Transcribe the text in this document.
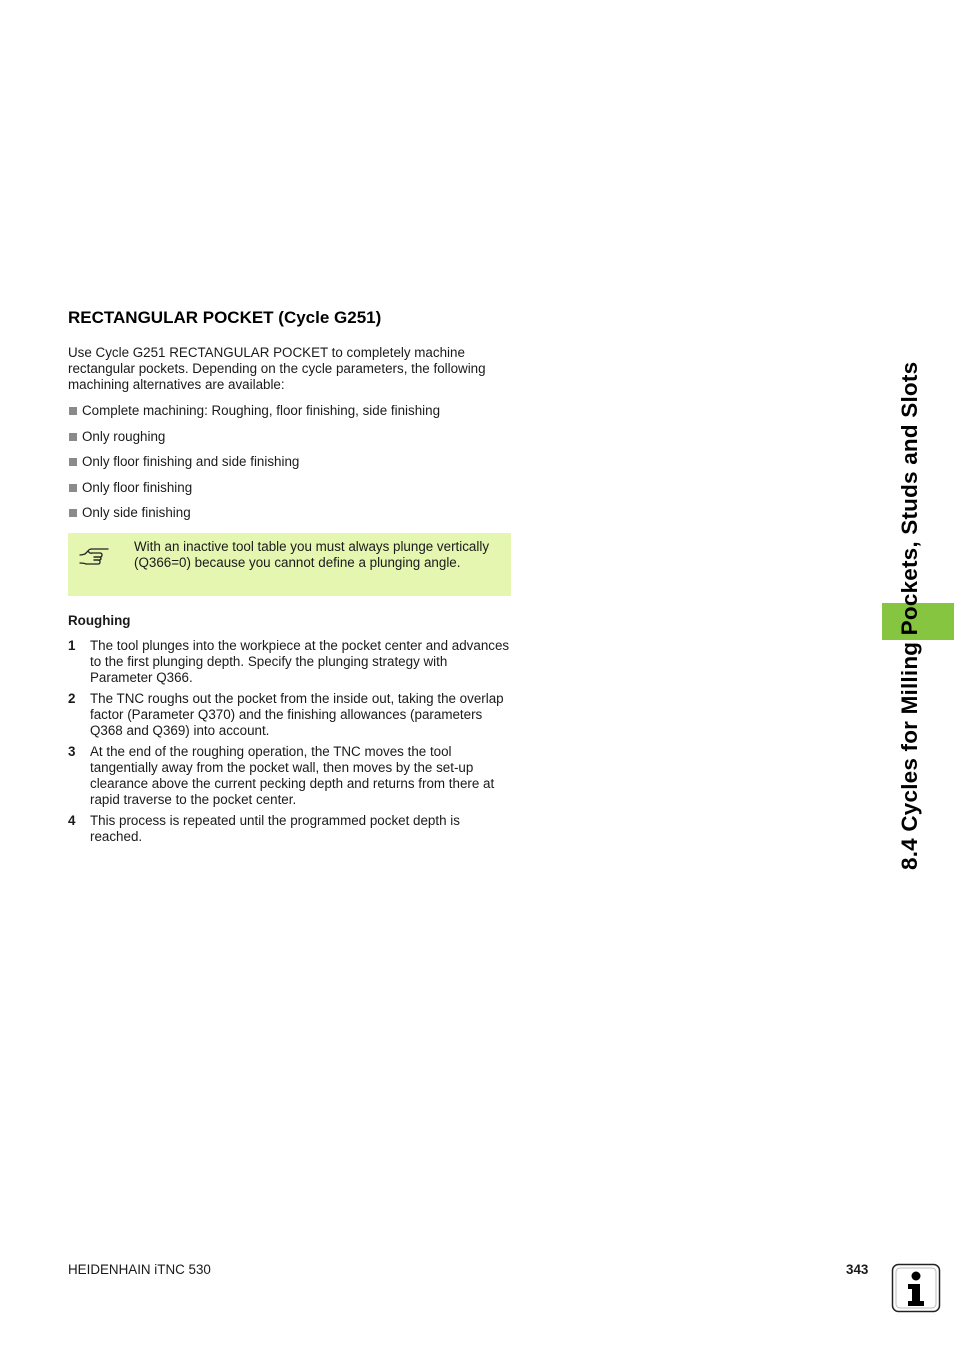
RECTANGULAR POCKET (Cycle G251)

Use Cycle G251 RECTANGULAR POCKET to completely machine rectangular pockets. Depending on the cycle parameters, the following machining alternatives are available:

Complete machining: Roughing, floor finishing, side finishing
Only roughing
Only floor finishing and side finishing
Only floor finishing
Only side finishing

With an inactive tool table you must always plunge vertically (Q366=0) because you cannot define a plunging angle.

Roughing
1	The tool plunges into the workpiece at the pocket center and advances to the first plunging depth. Specify the plunging strategy with Parameter Q366.
2	The TNC roughs out the pocket from the inside out, taking the overlap factor (Parameter Q370) and the finishing allowances (parameters Q368 and Q369) into account.
3	At the end of the roughing operation, the TNC moves the tool tangentially away from the pocket wall, then moves by the set-up clearance above the current pecking depth and returns from there at rapid traverse to the pocket center.
4	This process is repeated until the programmed pocket depth is reached.	8.4 Cycles for Milling Pockets, Studs and Slots
HEIDENHAIN iTNC 530	343
